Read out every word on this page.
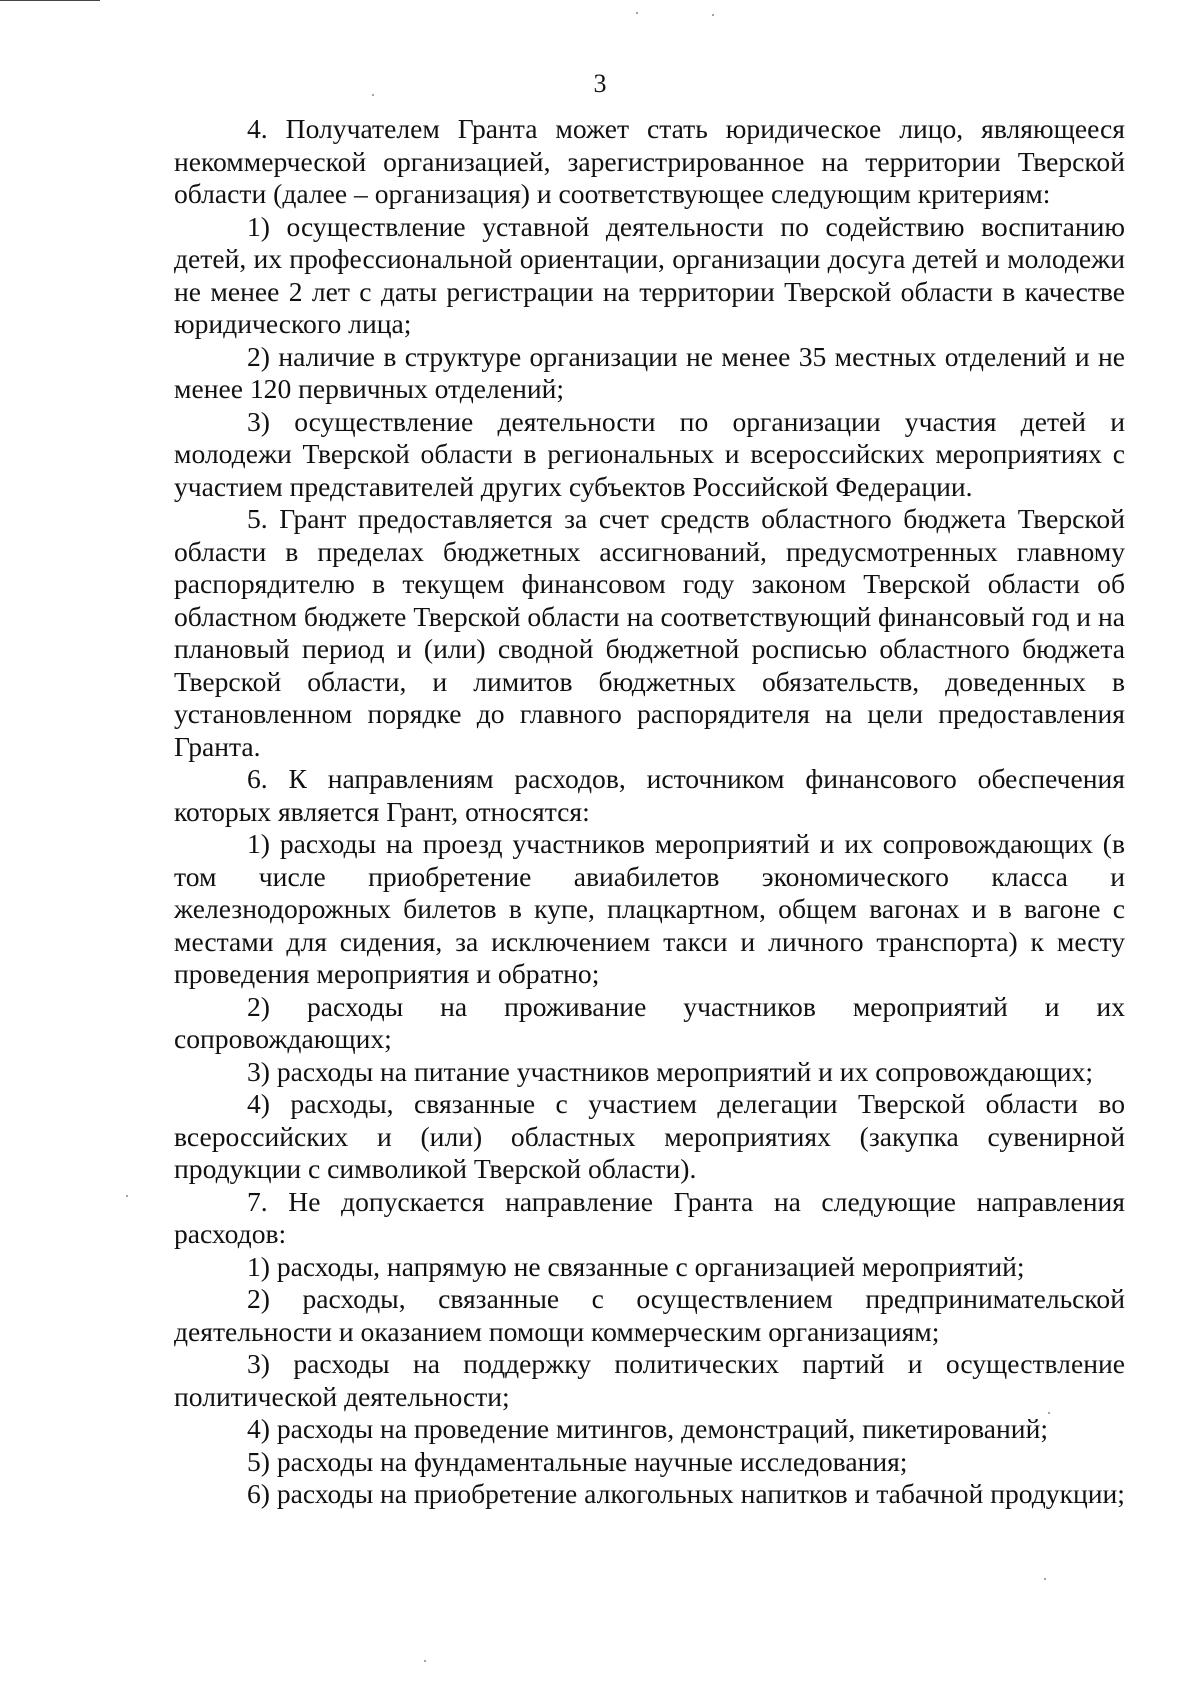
3

4. Получателем Гранта может стать юридическое лицо, являющееся некоммерческой организацией, зарегистрированное на территории Тверской области (далее – организация) и соответствующее следующим критериям:

1) осуществление уставной деятельности по содействию воспитанию детей, их профессиональной ориентации, организации досуга детей и молодежи не менее 2 лет с даты регистрации на территории Тверской области в качестве юридического лица;

2) наличие в структуре организации не менее 35 местных отделений и не менее 120 первичных отделений;

3) осуществление деятельности по организации участия детей и молодежи Тверской области в региональных и всероссийских мероприятиях с участием представителей других субъектов Российской Федерации.

5. Грант предоставляется за счет средств областного бюджета Тверской области в пределах бюджетных ассигнований, предусмотренных главному распорядителю в текущем финансовом году законом Тверской области об областном бюджете Тверской области на соответствующий финансовый год и на плановый период и (или) сводной бюджетной росписью областного бюджета Тверской области, и лимитов бюджетных обязательств, доведенных в установленном порядке до главного распорядителя на цели предоставления Гранта.

6. К направлениям расходов, источником финансового обеспечения которых является Грант, относятся:

1) расходы на проезд участников мероприятий и их сопровождающих (в том числе приобретение авиабилетов экономического класса и железнодорожных билетов в купе, плацкартном, общем вагонах и в вагоне с местами для сидения, за исключением такси и личного транспорта) к месту проведения мероприятия и обратно;

2) расходы на проживание участников мероприятий и их сопровождающих;

3) расходы на питание участников мероприятий и их сопровождающих;

4) расходы, связанные с участием делегации Тверской области во всероссийских и (или) областных мероприятиях (закупка сувенирной продукции с символикой Тверской области).

7. Не допускается направление Гранта на следующие направления расходов:

1) расходы, напрямую не связанные с организацией мероприятий;

2) расходы, связанные с осуществлением предпринимательской деятельности и оказанием помощи коммерческим организациям;

3) расходы на поддержку политических партий и осуществление политической деятельности;

4) расходы на проведение митингов, демонстраций, пикетирований;

5) расходы на фундаментальные научные исследования;

6) расходы на приобретение алкогольных напитков и табачной продукции;
